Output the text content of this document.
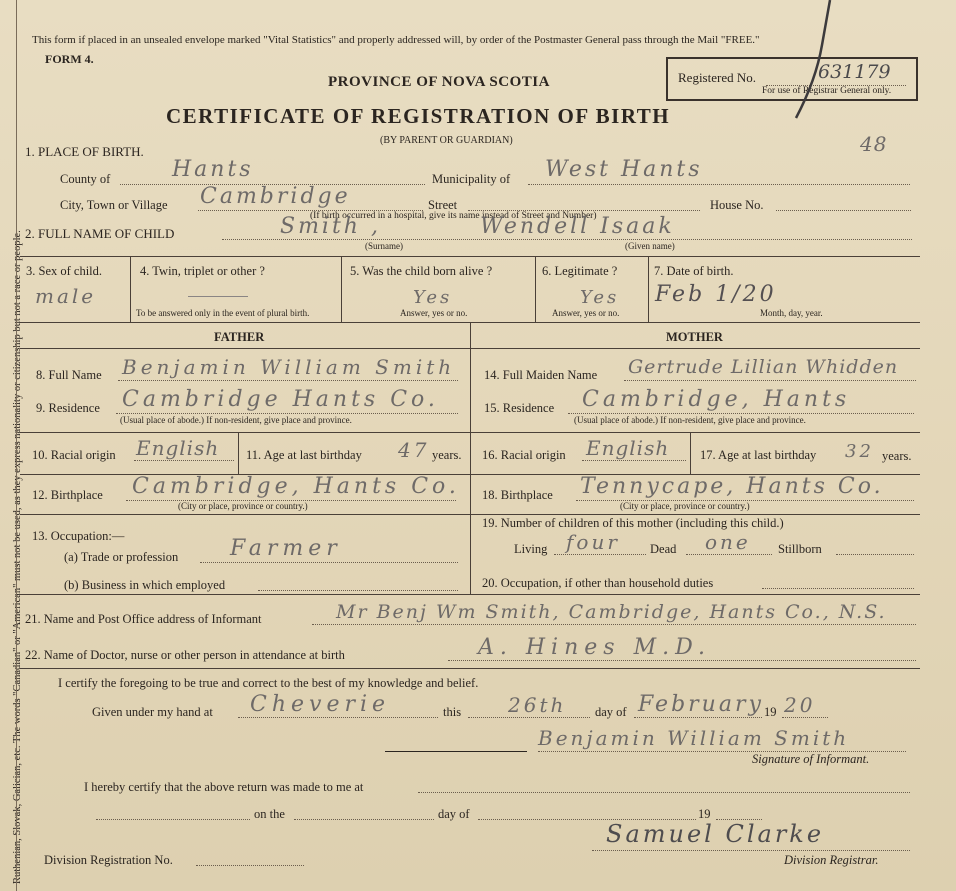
Ruthenian, Slovak, Galician, etc. The words "Canadian" or "American" must not be used, as they express nationality or citizenship but not a race or people.
This form if placed in an unsealed envelope marked "Vital Statistics" and properly addressed will, by order of the Postmaster General pass through the Mail "FREE."
FORM 4.
PROVINCE OF NOVA SCOTIA
CERTIFICATE OF REGISTRATION OF BIRTH
(BY PARENT OR GUARDIAN)
Registered No.
For use of Registrar General only.
631179
1. PLACE OF BIRTH.	48
County of	Hants	Municipality of West Hants
City, Town or Village Cambridge	Street	House No.
(If birth occurred in a hospital, give its name instead of Street and Number)
2. FULL NAME OF CHILD	Smith ,	Wendell Isaak
(Surname)	(Given name)
3. Sex of child.
male
4. Twin, triplet or other ?
To be answered only in the event of plural birth.
5. Was the child born alive ?
Yes
Answer, yes or no.
6. Legitimate ?
Yes
Answer, yes or no.
7. Date of birth.
Feb 1/20
Month, day, year.
FATHER	MOTHER
8. Full Name Benjamin William Smith
9. Residence Cambridge Hants Co.
(Usual place of abode.) If non-resident, give place and province.
10. Racial origin English 11. Age at last birthday 47 years.
12. Birthplace Cambridge, Hants Co.
(City or place, province or country.)
13. Occupation:—
(a) Trade or profession Farmer
(b) Business in which employed
14. Full Maiden Name Gertrude Lillian Whidden
15. Residence Cambridge, Hants
(Usual place of abode.) If non-resident, give place and province.
16. Racial origin English 17. Age at last birthday 32 years.
18. Birthplace Tennycape, Hants Co.
(City or place, province or country.)
19. Number of children of this mother (including this child.)
Living four Dead one Stillborn
20. Occupation, if other than household duties
21. Name and Post Office address of Informant	Mr Benj Wm Smith, Cambridge, Hants Co., N.S.
22. Name of Doctor, nurse or other person in attendance at birth	A. Hines M.D.
I certify the foregoing to be true and correct to the best of my knowledge and belief.
Given under my hand at Cheverie	this 26th day of February 19 20
Benjamin William Smith
Signature of Informant.
I hereby certify that the above return was made to me at
on the	day of	19
Division Registration No.
Samuel Clarke
Division Registrar.
